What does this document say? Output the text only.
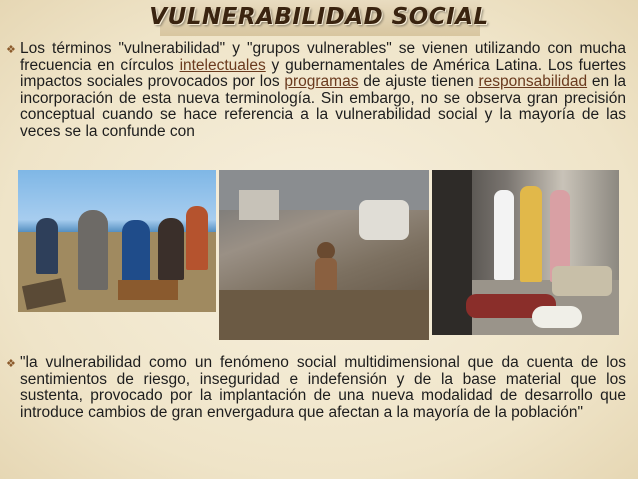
VULNERABILIDAD SOCIAL
❖ Los términos "vulnerabilidad" y "grupos vulnerables" se vienen utilizando con mucha frecuencia en círculos intelectuales y gubernamentales de América Latina. Los fuertes impactos sociales provocados por los programas de ajuste tienen responsabilidad en la incorporación de esta nueva terminología. Sin embargo, no se observa gran precisión conceptual cuando se hace referencia a la vulnerabilidad social y la mayoría de las veces se la confunde con
❖ "la vulnerabilidad como un fenómeno social multidimensional que da cuenta de los sentimientos de riesgo, inseguridad e indefensión y de la base material que los sustenta, provocado por la implantación de una nueva modalidad de desarrollo que introduce cambios de gran envergadura que afectan a la mayoría de la población"
